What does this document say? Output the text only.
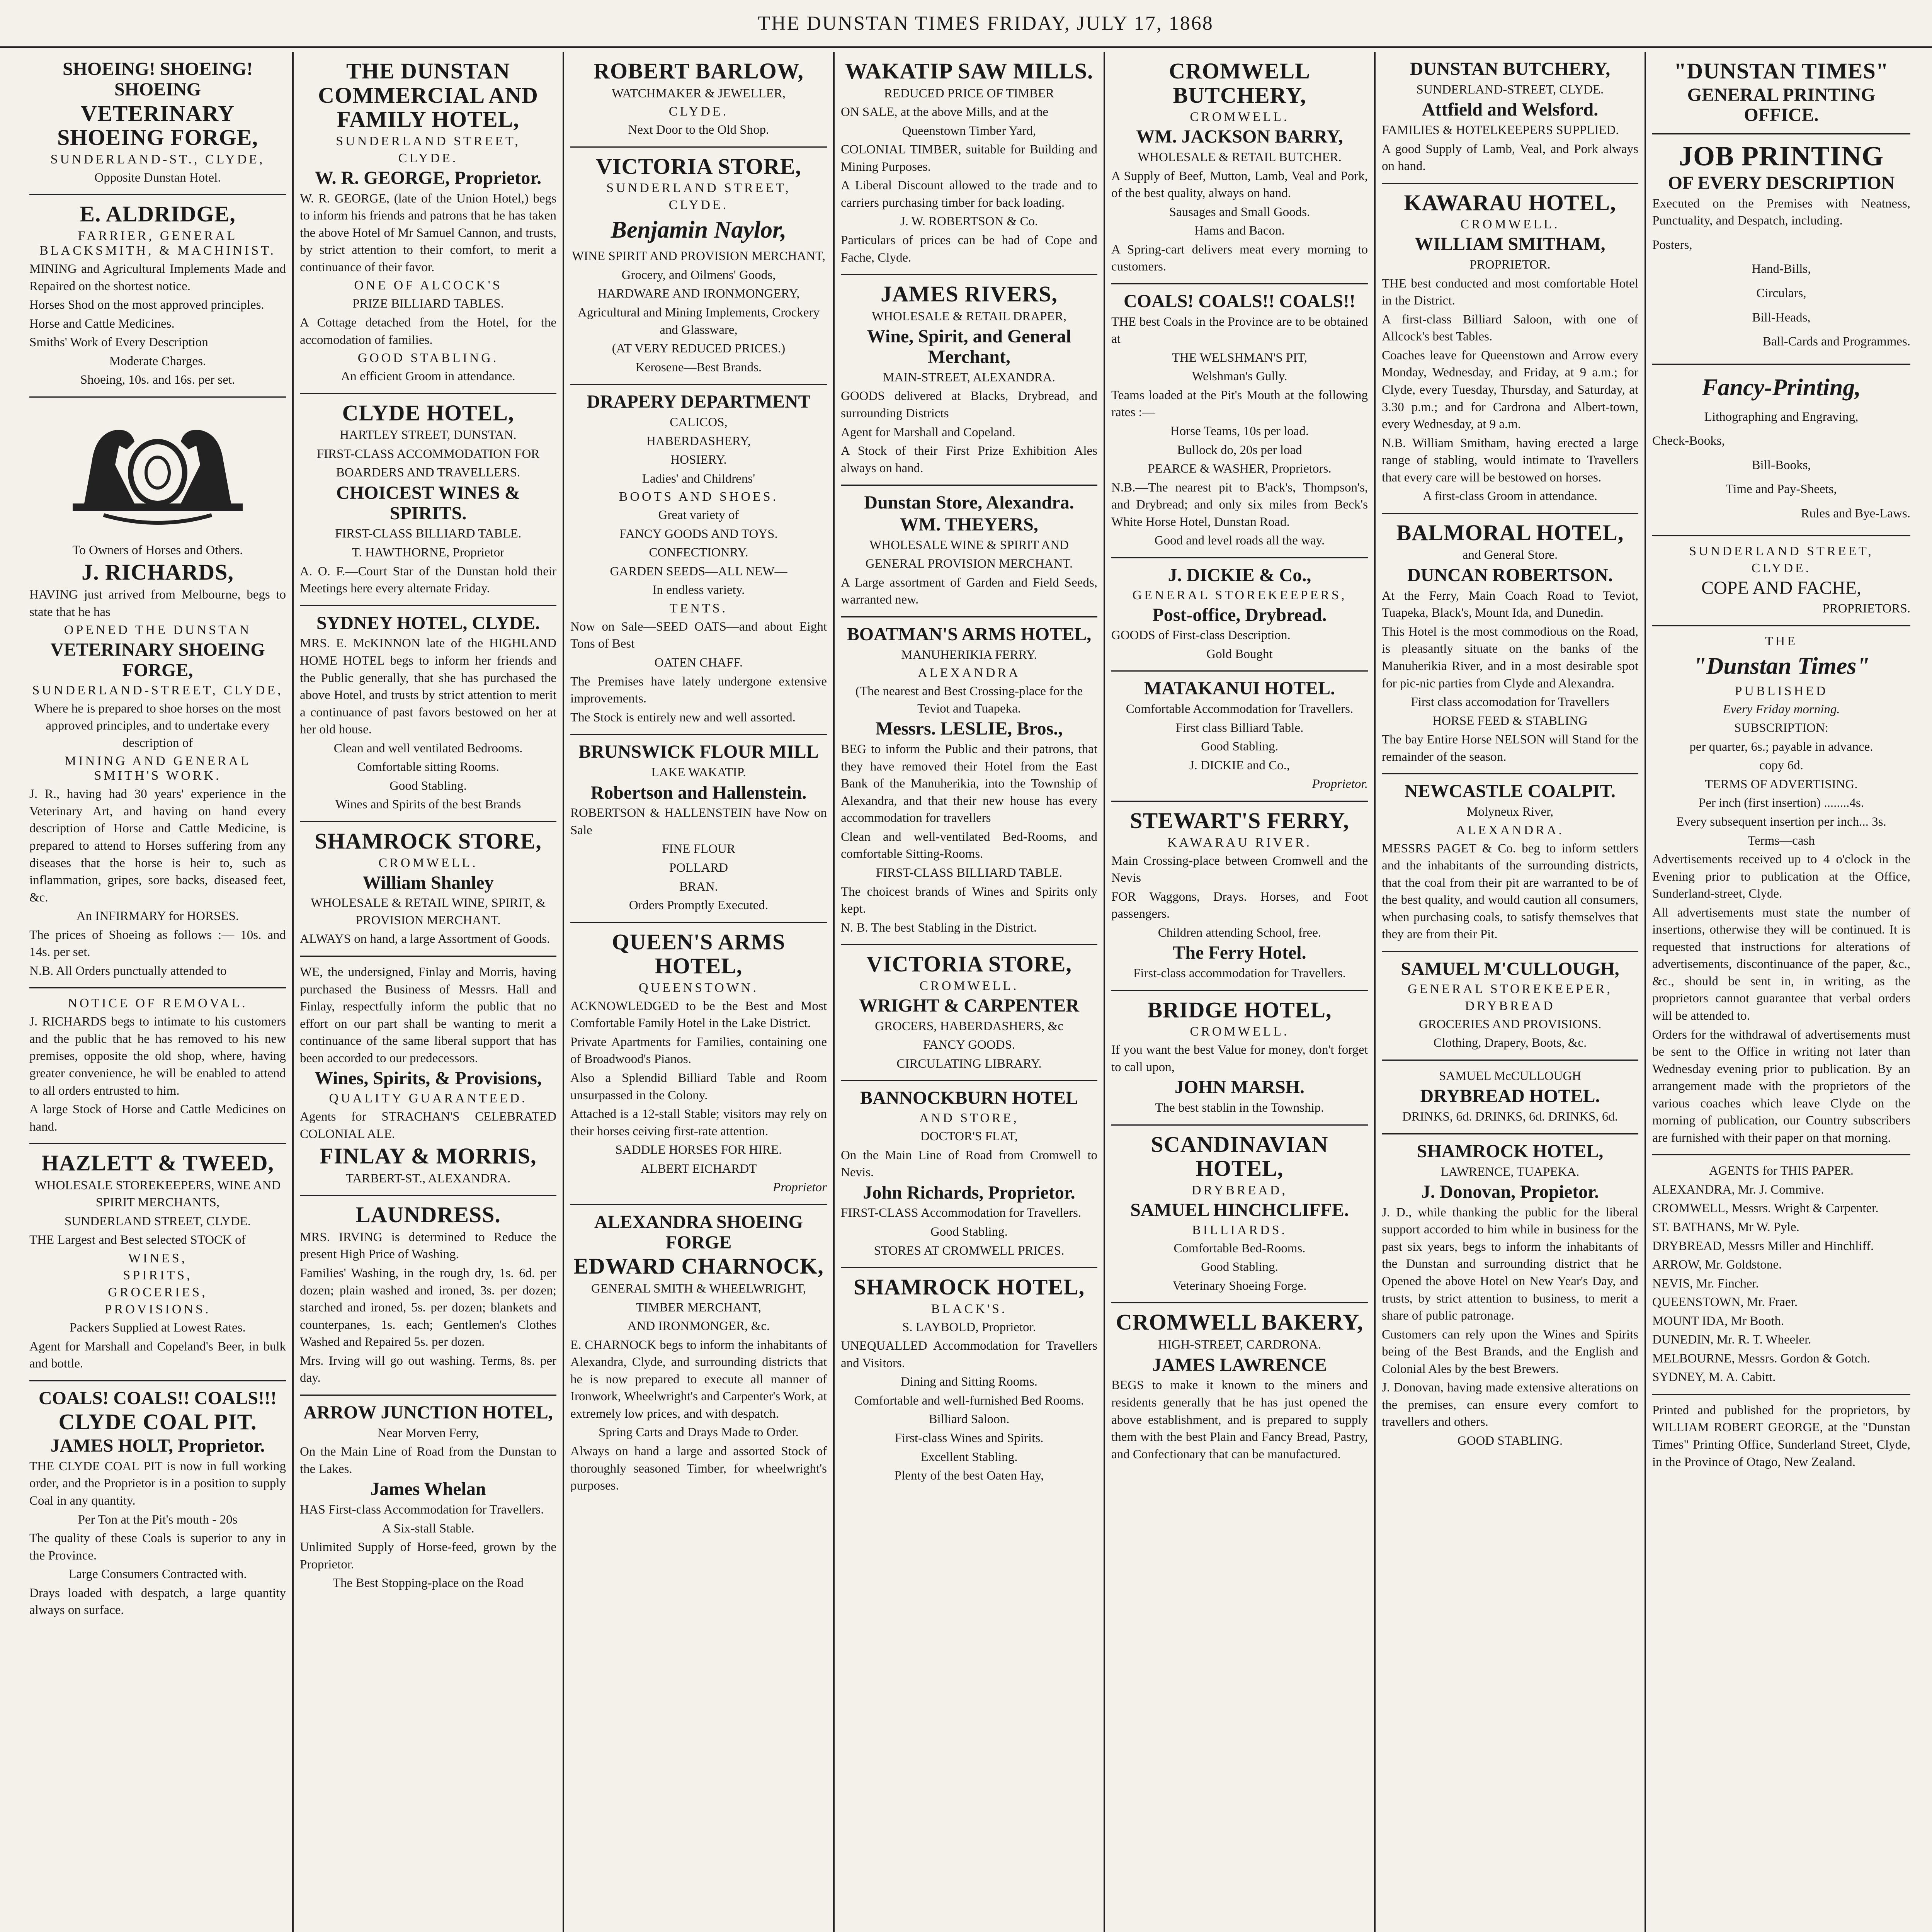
THE DUNSTAN TIMES FRIDAY, JULY 17, 1868
SHOEING! SHOEING! SHOEING
VETERINARY SHOEING FORGE,
SUNDERLAND-ST., CLYDE,
Opposite Dunstan Hotel.
E. ALDRIDGE,
FARRIER, GENERAL BLACKSMITH, & MACHINIST.
MINING and Agricultural Implements Made and Repaired on the shortest notice.
Horses Shod on the most approved principles.
Horse and Cattle Medicines.
Smiths' Work of Every Description
Moderate Charges.
Shoeing, 10s. and 16s. per set.
To Owners of Horses and Others.
J. RICHARDS,
HAVING just arrived from Melbourne, begs to state that he has
OPENED THE DUNSTAN
VETERINARY SHOEING FORGE,
SUNDERLAND-STREET, CLYDE,
Where he is prepared to shoe horses on the most approved principles, and to undertake every description of
MINING AND GENERAL SMITH'S WORK.
J. R., having had 30 years' experience in the Veterinary Art, and having on hand every description of Horse and Cattle Medicine, is prepared to attend to Horses suffering from any diseases that the horse is heir to, such as inflammation, gripes, sore backs, diseased feet, &c.
An INFIRMARY for HORSES.
The prices of Shoeing as follows :— 10s. and 14s. per set.
N.B. All Orders punctually attended to
NOTICE OF REMOVAL.
J. RICHARDS begs to intimate to his customers and the public that he has removed to his new premises, opposite the old shop, where, having greater convenience, he will be enabled to attend to all orders entrusted to him.
A large Stock of Horse and Cattle Medicines on hand.
HAZLETT & TWEED,
WHOLESALE STOREKEEPERS, WINE AND SPIRIT MERCHANTS,
SUNDERLAND STREET, CLYDE.
THE Largest and Best selected STOCK of
WINES,
SPIRITS,
GROCERIES,
PROVISIONS.
Packers Supplied at Lowest Rates.
Agent for Marshall and Copeland's Beer, in bulk and bottle.
COALS! COALS!! COALS!!!
CLYDE COAL PIT.
JAMES HOLT, Proprietor.
THE CLYDE COAL PIT is now in full working order, and the Proprietor is in a position to supply Coal in any quantity.
Per Ton at the Pit's mouth - 20s
The quality of these Coals is superior to any in the Province.
Large Consumers Contracted with.
Drays loaded with despatch, a large quantity always on surface.
THE DUNSTAN COMMERCIAL AND FAMILY HOTEL,
SUNDERLAND STREET,
CLYDE.
W. R. GEORGE, Proprietor.
W. R. GEORGE, (late of the Union Hotel,) begs to inform his friends and patrons that he has taken the above Hotel of Mr Samuel Cannon, and trusts, by strict attention to their comfort, to merit a continuance of their favor.
ONE OF ALCOCK'S
PRIZE BILLIARD TABLES.
A Cottage detached from the Hotel, for the accomodation of families.
GOOD STABLING.
An efficient Groom in attendance.
CLYDE HOTEL,
HARTLEY STREET, DUNSTAN.
FIRST-CLASS ACCOMMODATION FOR
BOARDERS AND TRAVELLERS.
CHOICEST WINES & SPIRITS.
FIRST-CLASS BILLIARD TABLE.
T. HAWTHORNE, Proprietor
A. O. F.—Court Star of the Dunstan hold their Meetings here every alternate Friday.
SYDNEY HOTEL, CLYDE.
MRS. E. McKINNON late of the HIGHLAND HOME HOTEL begs to inform her friends and the Public generally, that she has purchased the above Hotel, and trusts by strict attention to merit a continuance of past favors bestowed on her at her old house.
Clean and well ventilated Bedrooms.
Comfortable sitting Rooms.
Good Stabling.
Wines and Spirits of the best Brands
SHAMROCK STORE,
CROMWELL.
William Shanley
WHOLESALE & RETAIL WINE, SPIRIT, & PROVISION MERCHANT.
ALWAYS on hand, a large Assortment of Goods.
WE, the undersigned, Finlay and Morris, having purchased the Business of Messrs. Hall and Finlay, respectfully inform the public that no effort on our part shall be wanting to merit a continuance of the same liberal support that has been accorded to our predecessors.
Wines, Spirits, & Provisions,
QUALITY GUARANTEED.
Agents for STRACHAN'S CELEBRATED COLONIAL ALE.
FINLAY & MORRIS,
TARBERT-ST., ALEXANDRA.
LAUNDRESS.
MRS. IRVING is determined to Reduce the present High Price of Washing.
Families' Washing, in the rough dry, 1s. 6d. per dozen; plain washed and ironed, 3s. per dozen; starched and ironed, 5s. per dozen; blankets and counterpanes, 1s. each; Gentlemen's Clothes Washed and Repaired 5s. per dozen.
Mrs. Irving will go out washing. Terms, 8s. per day.
ARROW JUNCTION HOTEL,
Near Morven Ferry,
On the Main Line of Road from the Dunstan to the Lakes.
James Whelan
HAS First-class Accommodation for Travellers.
A Six-stall Stable.
Unlimited Supply of Horse-feed, grown by the Proprietor.
The Best Stopping-place on the Road
ROBERT BARLOW,
WATCHMAKER & JEWELLER,
CLYDE.
Next Door to the Old Shop.
VICTORIA STORE,
SUNDERLAND STREET,
CLYDE.
Benjamin Naylor,
WINE SPIRIT AND PROVISION MERCHANT,
Grocery, and Oilmens' Goods,
HARDWARE AND IRONMONGERY,
Agricultural and Mining Implements, Crockery and Glassware,
(AT VERY REDUCED PRICES.)
Kerosene—Best Brands.
DRAPERY DEPARTMENT
CALICOS,
HABERDASHERY,
HOSIERY.
Ladies' and Childrens'
BOOTS AND SHOES.
Great variety of
FANCY GOODS AND TOYS.
CONFECTIONRY.
GARDEN SEEDS—ALL NEW—
In endless variety.
TENTS.
Now on Sale—SEED OATS—and about Eight Tons of Best
OATEN CHAFF.
The Premises have lately undergone extensive improvements.
The Stock is entirely new and well assorted.
BRUNSWICK FLOUR MILL
LAKE WAKATIP.
Robertson and Hallenstein.
ROBERTSON & HALLENSTEIN have Now on Sale
FINE FLOUR
POLLARD
BRAN.
Orders Promptly Executed.
QUEEN'S ARMS HOTEL,
QUEENSTOWN.
ACKNOWLEDGED to be the Best and Most Comfortable Family Hotel in the Lake District.
Private Apartments for Families, containing one of Broadwood's Pianos.
Also a Splendid Billiard Table and Room unsurpassed in the Colony.
Attached is a 12-stall Stable; visitors may rely on their horses ceiving first-rate attention.
SADDLE HORSES FOR HIRE.
ALBERT EICHARDT
Proprietor
ALEXANDRA SHOEING FORGE
EDWARD CHARNOCK,
GENERAL SMITH & WHEELWRIGHT,
TIMBER MERCHANT,
AND IRONMONGER, &c.
E. CHARNOCK begs to inform the inhabitants of Alexandra, Clyde, and surrounding districts that he is now prepared to execute all manner of Ironwork, Wheelwright's and Carpenter's Work, at extremely low prices, and with despatch.
Spring Carts and Drays Made to Order.
Always on hand a large and assorted Stock of thoroughly seasoned Timber, for wheelwright's purposes.
WAKATIP SAW MILLS.
REDUCED PRICE OF TIMBER
ON SALE, at the above Mills, and at the
Queenstown Timber Yard,
COLONIAL TIMBER, suitable for Building and Mining Purposes.
A Liberal Discount allowed to the trade and to carriers purchasing timber for back loading.
J. W. ROBERTSON & Co.
Particulars of prices can be had of Cope and Fache, Clyde.
JAMES RIVERS,
WHOLESALE & RETAIL DRAPER,
Wine, Spirit, and General Merchant,
MAIN-STREET, ALEXANDRA.
GOODS delivered at Blacks, Drybread, and surrounding Districts
Agent for Marshall and Copeland.
A Stock of their First Prize Exhibition Ales always on hand.
Dunstan Store, Alexandra.
WM. THEYERS,
WHOLESALE WINE & SPIRIT AND
GENERAL PROVISION MERCHANT.
A Large assortment of Garden and Field Seeds, warranted new.
BOATMAN'S ARMS HOTEL,
MANUHERIKIA FERRY.
ALEXANDRA
(The nearest and Best Crossing-place for the Teviot and Tuapeka.
Messrs. LESLIE, Bros.,
BEG to inform the Public and their patrons, that they have removed their Hotel from the East Bank of the Manuherikia, into the Township of Alexandra, and that their new house has every accommodation for travellers
Clean and well-ventilated Bed-Rooms, and comfortable Sitting-Rooms.
FIRST-CLASS BILLIARD TABLE.
The choicest brands of Wines and Spirits only kept.
N. B. The best Stabling in the District.
VICTORIA STORE,
CROMWELL.
WRIGHT & CARPENTER
GROCERS, HABERDASHERS, &c
FANCY GOODS.
CIRCULATING LIBRARY.
BANNOCKBURN HOTEL
AND STORE,
DOCTOR'S FLAT,
On the Main Line of Road from Cromwell to Nevis.
John Richards, Proprietor.
FIRST-CLASS Accommodation for Travellers.
Good Stabling.
STORES AT CROMWELL PRICES.
SHAMROCK HOTEL,
BLACK'S.
S. LAYBOLD, Proprietor.
UNEQUALLED Accommodation for Travellers and Visitors.
Dining and Sitting Rooms.
Comfortable and well-furnished Bed Rooms.
Billiard Saloon.
First-class Wines and Spirits.
Excellent Stabling.
Plenty of the best Oaten Hay,
CROMWELL BUTCHERY,
CROMWELL.
WM. JACKSON BARRY,
WHOLESALE & RETAIL BUTCHER.
A Supply of Beef, Mutton, Lamb, Veal and Pork, of the best quality, always on hand.
Sausages and Small Goods.
Hams and Bacon.
A Spring-cart delivers meat every morning to customers.
COALS! COALS!! COALS!!
THE best Coals in the Province are to be obtained at
THE WELSHMAN'S PIT,
Welshman's Gully.
Teams loaded at the Pit's Mouth at the following rates :—
Horse Teams, 10s per load.
Bullock do, 20s per load
PEARCE & WASHER, Proprietors.
N.B.—The nearest pit to B'ack's, Thompson's, and Drybread; and only six miles from Beck's White Horse Hotel, Dunstan Road.
Good and level roads all the way.
J. DICKIE & Co.,
GENERAL STOREKEEPERS,
Post-office, Drybread.
GOODS of First-class Description.
Gold Bought
MATAKANUI HOTEL.
Comfortable Accommodation for Travellers.
First class Billiard Table.
Good Stabling.
J. DICKIE and Co.,
Proprietor.
STEWART'S FERRY,
KAWARAU RIVER.
Main Crossing-place between Cromwell and the Nevis
FOR Waggons, Drays. Horses, and Foot passengers.
Children attending School, free.
The Ferry Hotel.
First-class accommodation for Travellers.
BRIDGE HOTEL,
CROMWELL.
If you want the best Value for money, don't forget to call upon,
JOHN MARSH.
The best stablin in the Township.
SCANDINAVIAN HOTEL,
DRYBREAD,
SAMUEL HINCHCLIFFE.
BILLIARDS.
Comfortable Bed-Rooms.
Good Stabling.
Veterinary Shoeing Forge.
CROMWELL BAKERY,
HIGH-STREET, CARDRONA.
JAMES LAWRENCE
BEGS to make it known to the miners and residents generally that he has just opened the above establishment, and is prepared to supply them with the best Plain and Fancy Bread, Pastry, and Confectionary that can be manufactured.
DUNSTAN BUTCHERY,
SUNDERLAND-STREET, CLYDE.
Attfield and Welsford.
FAMILIES & HOTELKEEPERS SUPPLIED.
A good Supply of Lamb, Veal, and Pork always on hand.
KAWARAU HOTEL,
CROMWELL.
WILLIAM SMITHAM,
PROPRIETOR.
THE best conducted and most comfortable Hotel in the District.
A first-class Billiard Saloon, with one of Allcock's best Tables.
Coaches leave for Queenstown and Arrow every Monday, Wednesday, and Friday, at 9 a.m.; for Clyde, every Tuesday, Thursday, and Saturday, at 3.30 p.m.; and for Cardrona and Albert-town, every Wednesday, at 9 a.m.
N.B. William Smitham, having erected a large range of stabling, would intimate to Travellers that every care will be bestowed on horses.
A first-class Groom in attendance.
BALMORAL HOTEL,
and General Store.
DUNCAN ROBERTSON.
At the Ferry, Main Coach Road to Teviot, Tuapeka, Black's, Mount Ida, and Dunedin.
This Hotel is the most commodious on the Road, is pleasantly situate on the banks of the Manuherikia River, and in a most desirable spot for pic-nic parties from Clyde and Alexandra.
First class accomodation for Travellers
HORSE FEED & STABLING
The bay Entire Horse NELSON will Stand for the remainder of the season.
NEWCASTLE COALPIT.
Molyneux River,
ALEXANDRA.
MESSRS PAGET & Co. beg to inform settlers and the inhabitants of the surrounding districts, that the coal from their pit are warranted to be of the best quality, and would caution all consumers, when purchasing coals, to satisfy themselves that they are from their Pit.
SAMUEL M'CULLOUGH,
GENERAL STOREKEEPER,
DRYBREAD
GROCERIES AND PROVISIONS.
Clothing, Drapery, Boots, &c.
SAMUEL McCULLOUGH
DRYBREAD HOTEL.
DRINKS, 6d. DRINKS, 6d. DRINKS, 6d.
SHAMROCK HOTEL,
LAWRENCE, TUAPEKA.
J. Donovan, Propietor.
J. D., while thanking the public for the liberal support accorded to him while in business for the past six years, begs to inform the inhabitants of the Dunstan and surrounding district that he Opened the above Hotel on New Year's Day, and trusts, by strict attention to business, to merit a share of public patronage.
Customers can rely upon the Wines and Spirits being of the Best Brands, and the English and Colonial Ales by the best Brewers.
J. Donovan, having made extensive alterations on the premises, can ensure every comfort to travellers and others.
GOOD STABLING.
"DUNSTAN TIMES"
GENERAL PRINTING OFFICE.
JOB PRINTING
OF EVERY DESCRIPTION
Executed on the Premises with Neatness, Punctuality, and Despatch, including.
Posters,
Hand-Bills,
Circulars,
Bill-Heads,
Ball-Cards and Programmes.
Fancy-Printing,
Lithographing and Engraving,
Check-Books,
Bill-Books,
Time and Pay-Sheets,
Rules and Bye-Laws.
SUNDERLAND STREET,
CLYDE.
COPE AND FACHE,
PROPRIETORS.
THE
"Dunstan Times"
PUBLISHED
Every Friday morning.
SUBSCRIPTION:
per quarter, 6s.; payable in advance.
copy 6d.
TERMS OF ADVERTISING.
Per inch (first insertion) ........4s.
Every subsequent insertion per inch... 3s.
Terms—cash
Advertisements received up to 4 o'clock in the Evening prior to publication at the Office, Sunderland-street, Clyde.
All advertisements must state the number of insertions, otherwise they will be continued. It is requested that instructions for alterations of advertisements, discontinuance of the paper, &c., &c., should be sent in, in writing, as the proprietors cannot guarantee that verbal orders will be attended to.
Orders for the withdrawal of advertisements must be sent to the Office in writing not later than Wednesday evening prior to publication. By an arrangement made with the proprietors of the various coaches which leave Clyde on the morning of publication, our Country subscribers are furnished with their paper on that morning.
AGENTS for THIS PAPER.
ALEXANDRA, Mr. J. Commive.
CROMWELL, Messrs. Wright & Carpenter.
ST. BATHANS, Mr W. Pyle.
DRYBREAD, Messrs Miller and Hinchliff.
ARROW, Mr. Goldstone.
NEVIS, Mr. Fincher.
QUEENSTOWN, Mr. Fraer.
MOUNT IDA, Mr Booth.
DUNEDIN, Mr. R. T. Wheeler.
MELBOURNE, Messrs. Gordon & Gotch.
SYDNEY, M. A. Cabitt.
Printed and published for the proprietors, by WILLIAM ROBERT GEORGE, at the "Dunstan Times" Printing Office, Sunderland Street, Clyde, in the Province of Otago, New Zealand.
